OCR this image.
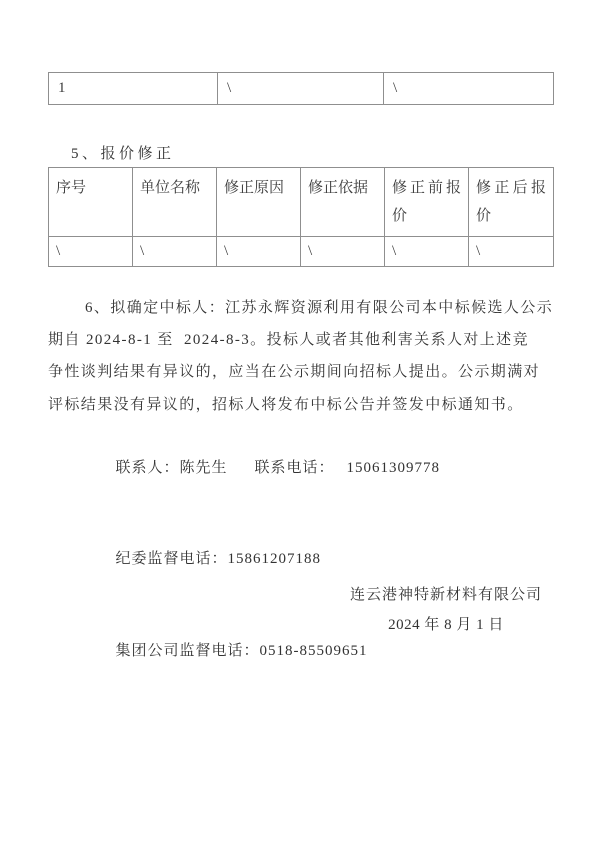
1	\	\
5、报价修正
序号	单位名称	修正原因	修正依据	修正前报价	修正后报价
\	\	\	\	\	\
6、拟确定中标人：江苏永辉资源利用有限公司本中标候选人公示
期自 2024-8-1 至  2024-8-3。投标人或者其他利害关系人对上述竞
争性谈判结果有异议的，应当在公示期间向招标人提出。公示期满对
评标结果没有异议的，招标人将发布中标公告并签发中标通知书。

联系人：陈先生 联系电话： 15061309778

纪委监督电话：15861207188

集团公司监督电话：0518-85509651

连云港神特新材料有限公司
2024 年 8 月 1 日
